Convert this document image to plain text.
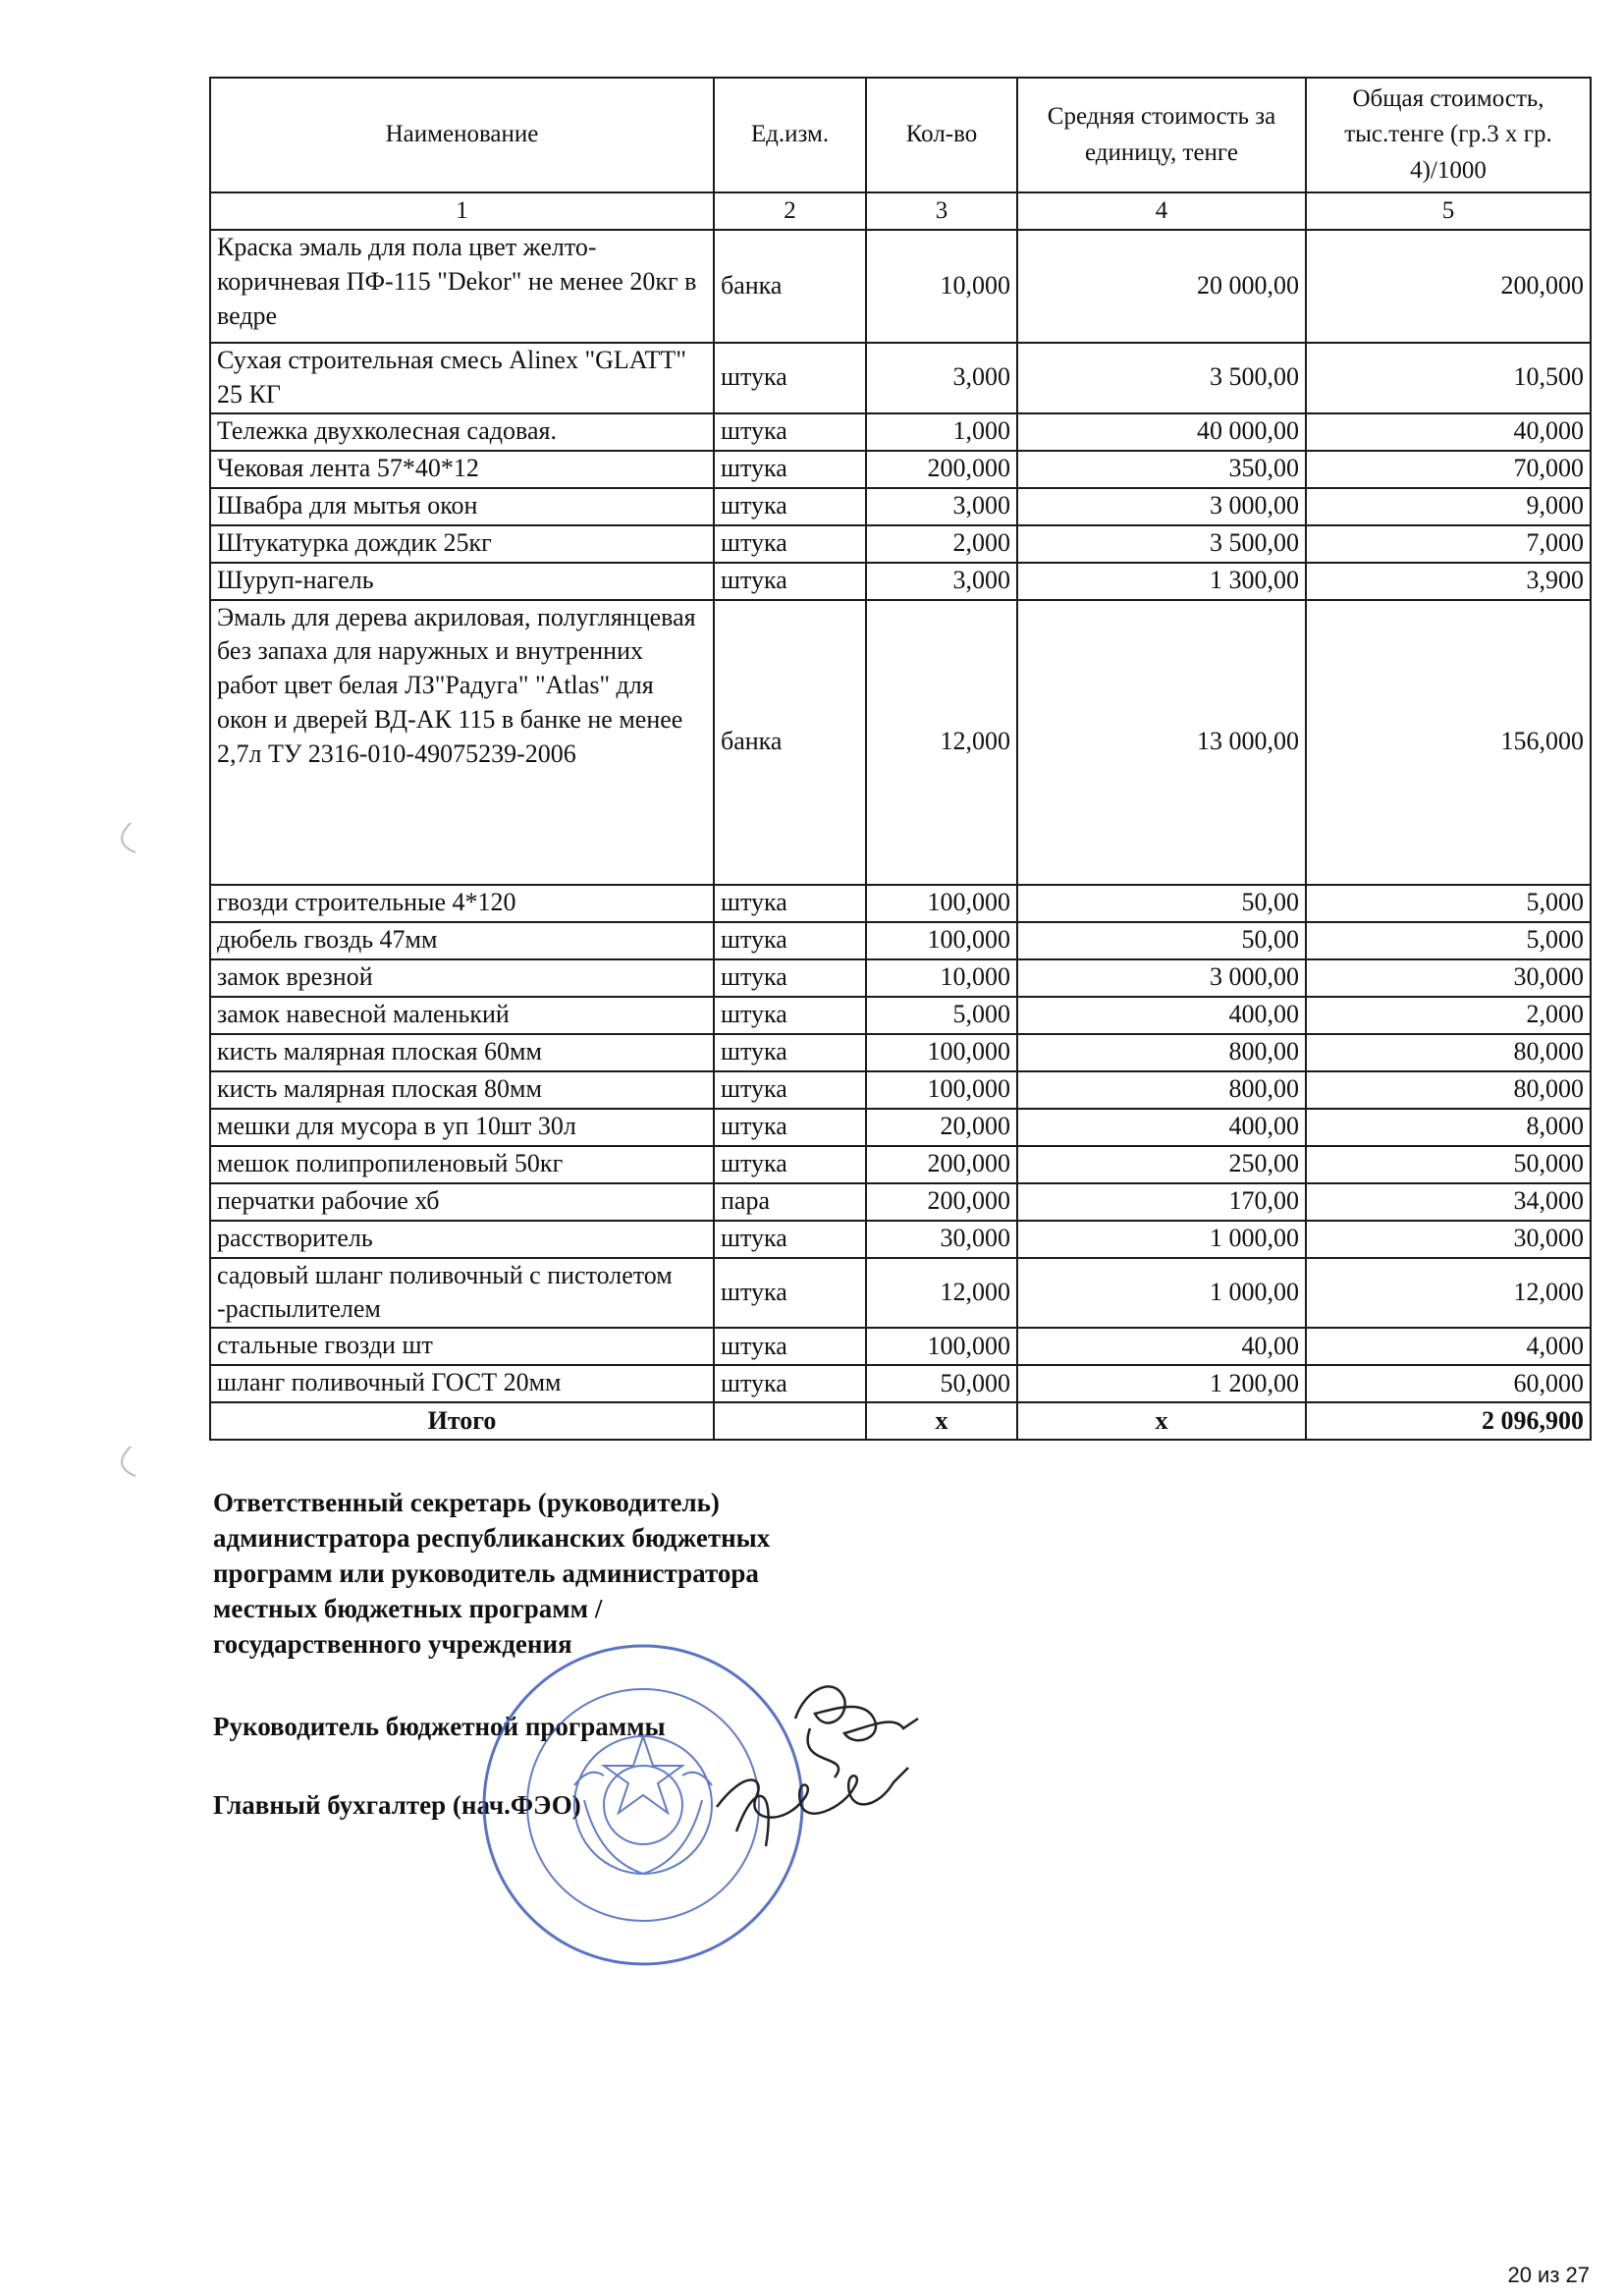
Наименование	Ед.изм.	Кол-во	Средняя стоимость за единицу, тенге	Общая стоимость, тыс.тенге (гр.3 х гр. 4)/1000
1	2	3	4	5
Краска эмаль для пола цвет желто-коричневая ПФ-115 "Dekor" не менее 20кг в ведре	банка	10,000	20 000,00	200,000
Сухая строительная смесь Alinex "GLATT" 25 КГ	штука	3,000	3 500,00	10,500
Тележка двухколесная садовая.	штука	1,000	40 000,00	40,000
Чековая лента 57*40*12	штука	200,000	350,00	70,000
Швабра для мытья окон	штука	3,000	3 000,00	9,000
Штукатурка дождик 25кг	штука	2,000	3 500,00	7,000
Шуруп-нагель	штука	3,000	1 300,00	3,900
Эмаль для дерева акриловая, полуглянцевая без запаха для наружных и внутренних работ цвет белая ЛЗ"Радуга" "Atlas" для окон и дверей ВД-АК 115 в банке не менее 2,7л ТУ 2316-010-49075239-2006	банка	12,000	13 000,00	156,000
гвозди строительные 4*120	штука	100,000	50,00	5,000
дюбель гвоздь 47мм	штука	100,000	50,00	5,000
замок врезной	штука	10,000	3 000,00	30,000
замок навесной маленький	штука	5,000	400,00	2,000
кисть малярная плоская 60мм	штука	100,000	800,00	80,000
кисть малярная плоская 80мм	штука	100,000	800,00	80,000
мешки для мусора в уп 10шт 30л	штука	20,000	400,00	8,000
мешок полипропиленовый 50кг	штука	200,000	250,00	50,000
перчатки рабочие хб	пара	200,000	170,00	34,000
расстворитель	штука	30,000	1 000,00	30,000
садовый шланг поливочный с пистолетом -распылителем	штука	12,000	1 000,00	12,000
стальные гвозди шт	штука	100,000	40,00	4,000
шланг поливочный ГОСТ 20мм	штука	50,000	1 200,00	60,000
Итого		х	х	2 096,900
Ответственный секретарь (руководитель)
администратора республиканских бюджетных
программ или руководитель администратора
местных бюджетных программ /
государственного учреждения
Руководитель бюджетной программы
Главный бухгалтер (нач.ФЭО)
20 из 27
